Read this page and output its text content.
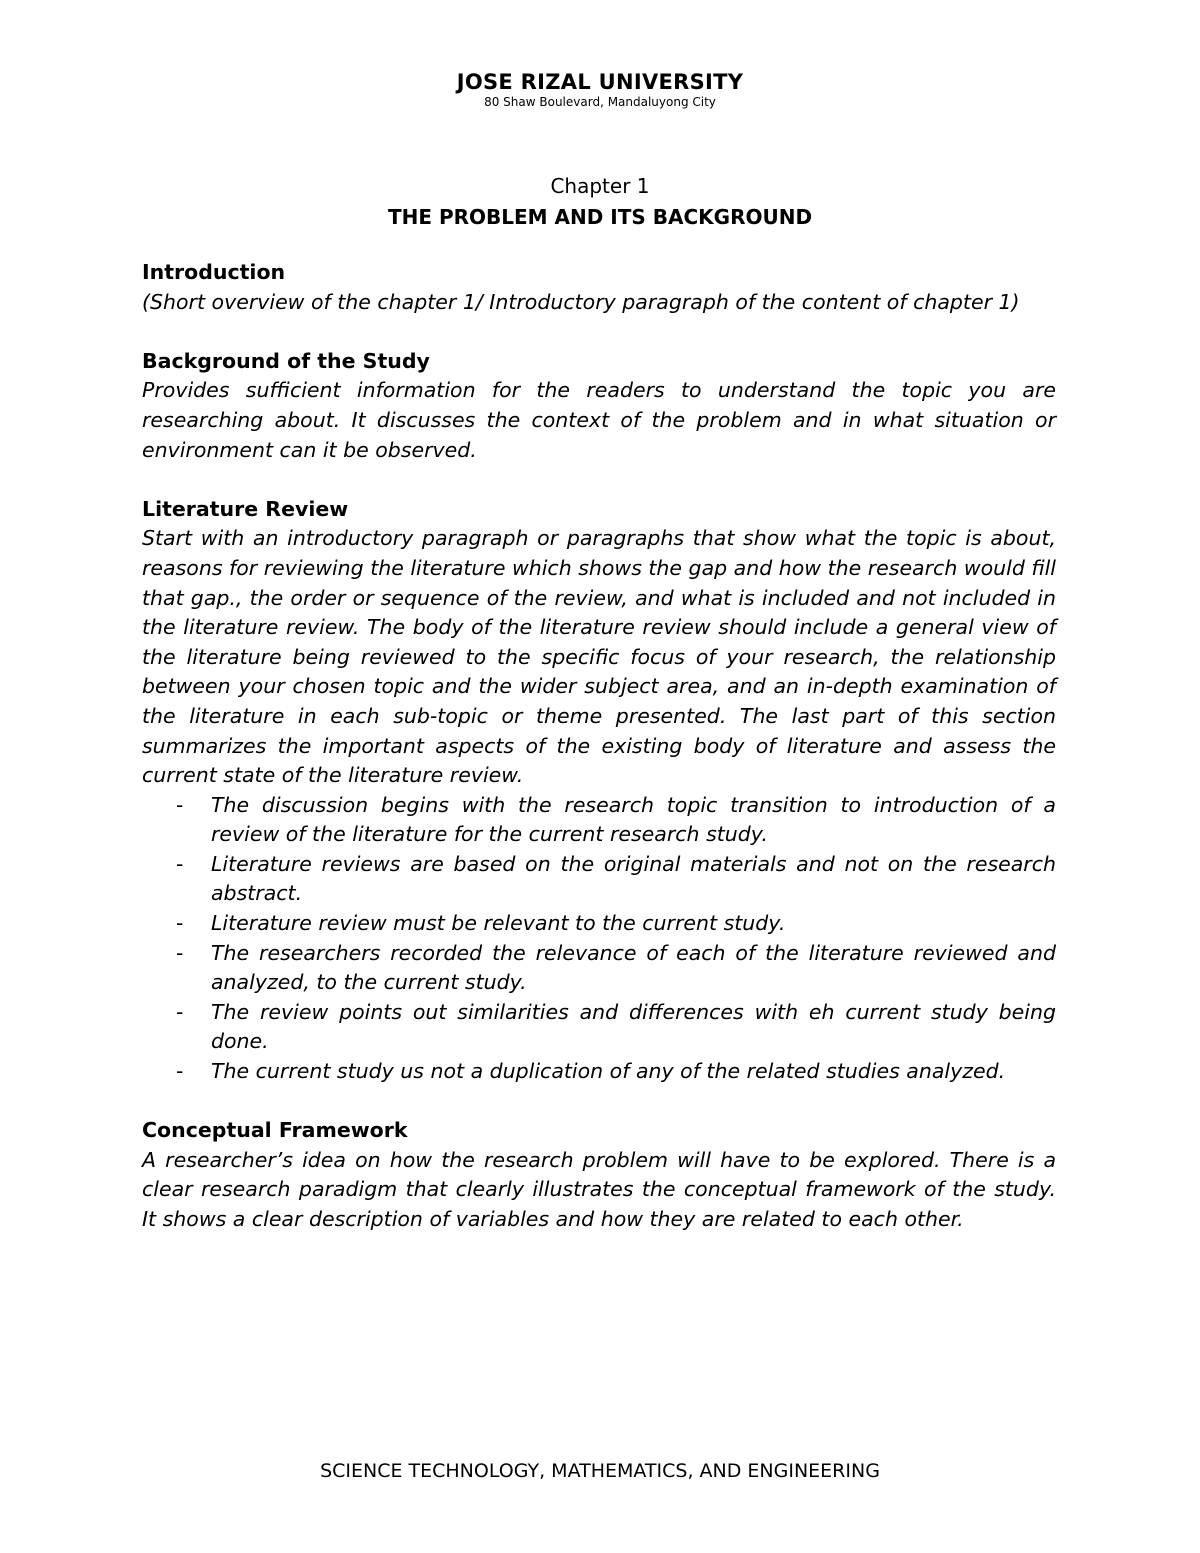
JOSE RIZAL UNIVERSITY
80 Shaw Boulevard, Mandaluyong City
Chapter 1
THE PROBLEM AND ITS BACKGROUND
Introduction
(Short overview of the chapter 1/ Introductory paragraph of the content of chapter 1)
Background of the Study
Provides sufficient information for the readers to understand the topic you are researching about. It discusses the context of the problem and in what situation or environment can it be observed.
Literature Review
Start with an introductory paragraph or paragraphs that show what the topic is about, reasons for reviewing the literature which shows the gap and how the research would fill that gap., the order or sequence of the review, and what is included and not included in the literature review. The body of the literature review should include a general view of the literature being reviewed to the specific focus of your research, the relationship between your chosen topic and the wider subject area, and an in-depth examination of the literature in each sub-topic or theme presented. The last part of this section summarizes the important aspects of the existing body of literature and assess the current state of the literature review.
- The discussion begins with the research topic transition to introduction of a review of the literature for the current research study.
- Literature reviews are based on the original materials and not on the research abstract.
- Literature review must be relevant to the current study.
- The researchers recorded the relevance of each of the literature reviewed and analyzed, to the current study.
- The review points out similarities and differences with eh current study being done.
- The current study us not a duplication of any of the related studies analyzed.
Conceptual Framework
A researcher’s idea on how the research problem will have to be explored. There is a clear research paradigm that clearly illustrates the conceptual framework of the study. It shows a clear description of variables and how they are related to each other.
SCIENCE TECHNOLOGY, MATHEMATICS, AND ENGINEERING
